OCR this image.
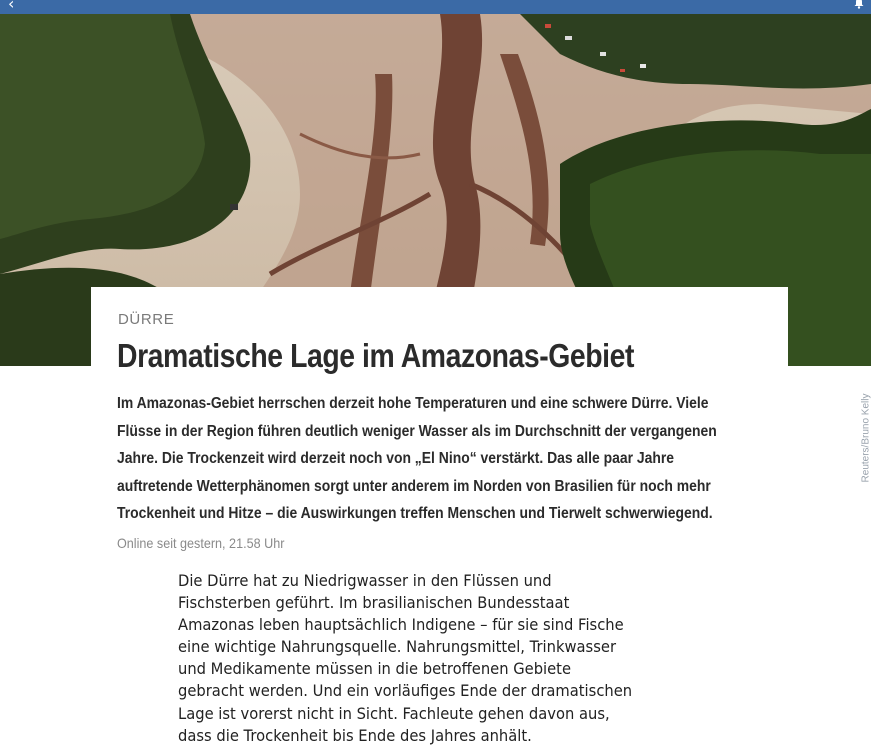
‹
Reuters/Bruno Kelly
DÜRRE
Dramatische Lage im Amazonas-Gebiet
Im Amazonas-Gebiet herrschen derzeit hohe Temperaturen und eine schwere Dürre. Viele Flüsse in der Region führen deutlich weniger Wasser als im Durchschnitt der vergangenen Jahre. Die Trockenzeit wird derzeit noch von „El Nino“ verstärkt. Das alle paar Jahre auftretende Wetterphänomen sorgt unter anderem im Norden von Brasilien für noch mehr Trockenheit und Hitze – die Auswirkungen treffen Menschen und Tierwelt schwerwiegend.
Online seit gestern, 21.58 Uhr
Die Dürre hat zu Niedrigwasser in den Flüssen und Fischsterben geführt. Im brasilianischen Bundesstaat Amazonas leben hauptsächlich Indigene – für sie sind Fische eine wichtige Nahrungsquelle. Nahrungsmittel, Trinkwasser und Medikamente müssen in die betroffenen Gebiete gebracht werden. Und ein vorläufiges Ende der dramatischen Lage ist vorerst nicht in Sicht. Fachleute gehen davon aus, dass die Trockenheit bis Ende des Jahres anhält.
